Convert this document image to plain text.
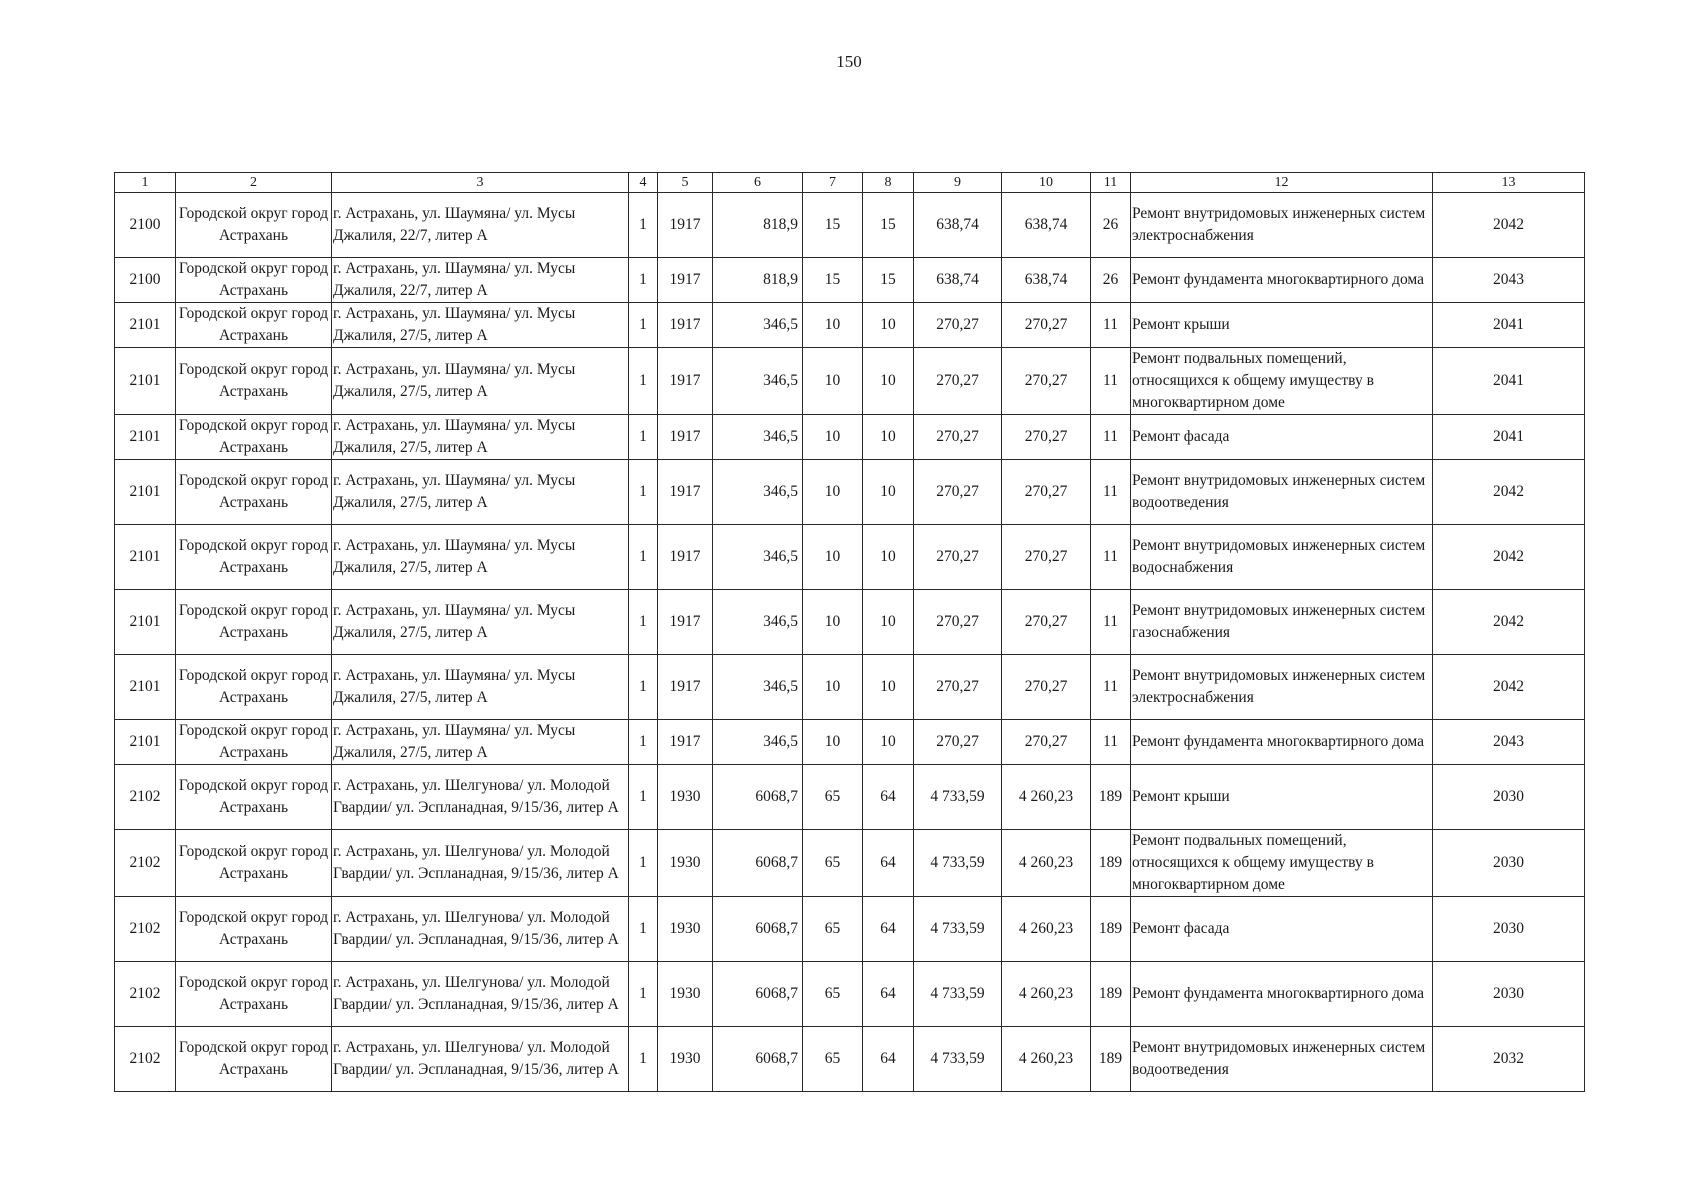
150
1	2	3	4	5	6	7	8	9	10	11	12	13
2100	Городской округ город Астрахань	г. Астрахань, ул. Шаумяна/ ул. Мусы Джалиля, 22/7, литер А	1	1917	818,9	15	15	638,74	638,74	26	Ремонт внутридомовых инженерных систем электроснабжения	2042
2100	Городской округ город Астрахань	г. Астрахань, ул. Шаумяна/ ул. Мусы Джалиля, 22/7, литер А	1	1917	818,9	15	15	638,74	638,74	26	Ремонт фундамента многоквартирного дома	2043
2101	Городской округ город Астрахань	г. Астрахань, ул. Шаумяна/ ул. Мусы Джалиля, 27/5, литер А	1	1917	346,5	10	10	270,27	270,27	11	Ремонт крыши	2041
2101	Городской округ город Астрахань	г. Астрахань, ул. Шаумяна/ ул. Мусы Джалиля, 27/5, литер А	1	1917	346,5	10	10	270,27	270,27	11	Ремонт подвальных помещений, относящихся к общему имуществу в многоквартирном доме	2041
2101	Городской округ город Астрахань	г. Астрахань, ул. Шаумяна/ ул. Мусы Джалиля, 27/5, литер А	1	1917	346,5	10	10	270,27	270,27	11	Ремонт фасада	2041
2101	Городской округ город Астрахань	г. Астрахань, ул. Шаумяна/ ул. Мусы Джалиля, 27/5, литер А	1	1917	346,5	10	10	270,27	270,27	11	Ремонт внутридомовых инженерных систем водоотведения	2042
2101	Городской округ город Астрахань	г. Астрахань, ул. Шаумяна/ ул. Мусы Джалиля, 27/5, литер А	1	1917	346,5	10	10	270,27	270,27	11	Ремонт внутридомовых инженерных систем водоснабжения	2042
2101	Городской округ город Астрахань	г. Астрахань, ул. Шаумяна/ ул. Мусы Джалиля, 27/5, литер А	1	1917	346,5	10	10	270,27	270,27	11	Ремонт внутридомовых инженерных систем газоснабжения	2042
2101	Городской округ город Астрахань	г. Астрахань, ул. Шаумяна/ ул. Мусы Джалиля, 27/5, литер А	1	1917	346,5	10	10	270,27	270,27	11	Ремонт внутридомовых инженерных систем электроснабжения	2042
2101	Городской округ город Астрахань	г. Астрахань, ул. Шаумяна/ ул. Мусы Джалиля, 27/5, литер А	1	1917	346,5	10	10	270,27	270,27	11	Ремонт фундамента многоквартирного дома	2043
2102	Городской округ город Астрахань	г. Астрахань, ул. Шелгунова/ ул. Молодой Гвардии/ ул. Эспланадная, 9/15/36, литер А	1	1930	6068,7	65	64	4 733,59	4 260,23	189	Ремонт крыши	2030
2102	Городской округ город Астрахань	г. Астрахань, ул. Шелгунова/ ул. Молодой Гвардии/ ул. Эспланадная, 9/15/36, литер А	1	1930	6068,7	65	64	4 733,59	4 260,23	189	Ремонт подвальных помещений, относящихся к общему имуществу в многоквартирном доме	2030
2102	Городской округ город Астрахань	г. Астрахань, ул. Шелгунова/ ул. Молодой Гвардии/ ул. Эспланадная, 9/15/36, литер А	1	1930	6068,7	65	64	4 733,59	4 260,23	189	Ремонт фасада	2030
2102	Городской округ город Астрахань	г. Астрахань, ул. Шелгунова/ ул. Молодой Гвардии/ ул. Эспланадная, 9/15/36, литер А	1	1930	6068,7	65	64	4 733,59	4 260,23	189	Ремонт фундамента многоквартирного дома	2030
2102	Городской округ город Астрахань	г. Астрахань, ул. Шелгунова/ ул. Молодой Гвардии/ ул. Эспланадная, 9/15/36, литер А	1	1930	6068,7	65	64	4 733,59	4 260,23	189	Ремонт внутридомовых инженерных систем водоотведения	2032
